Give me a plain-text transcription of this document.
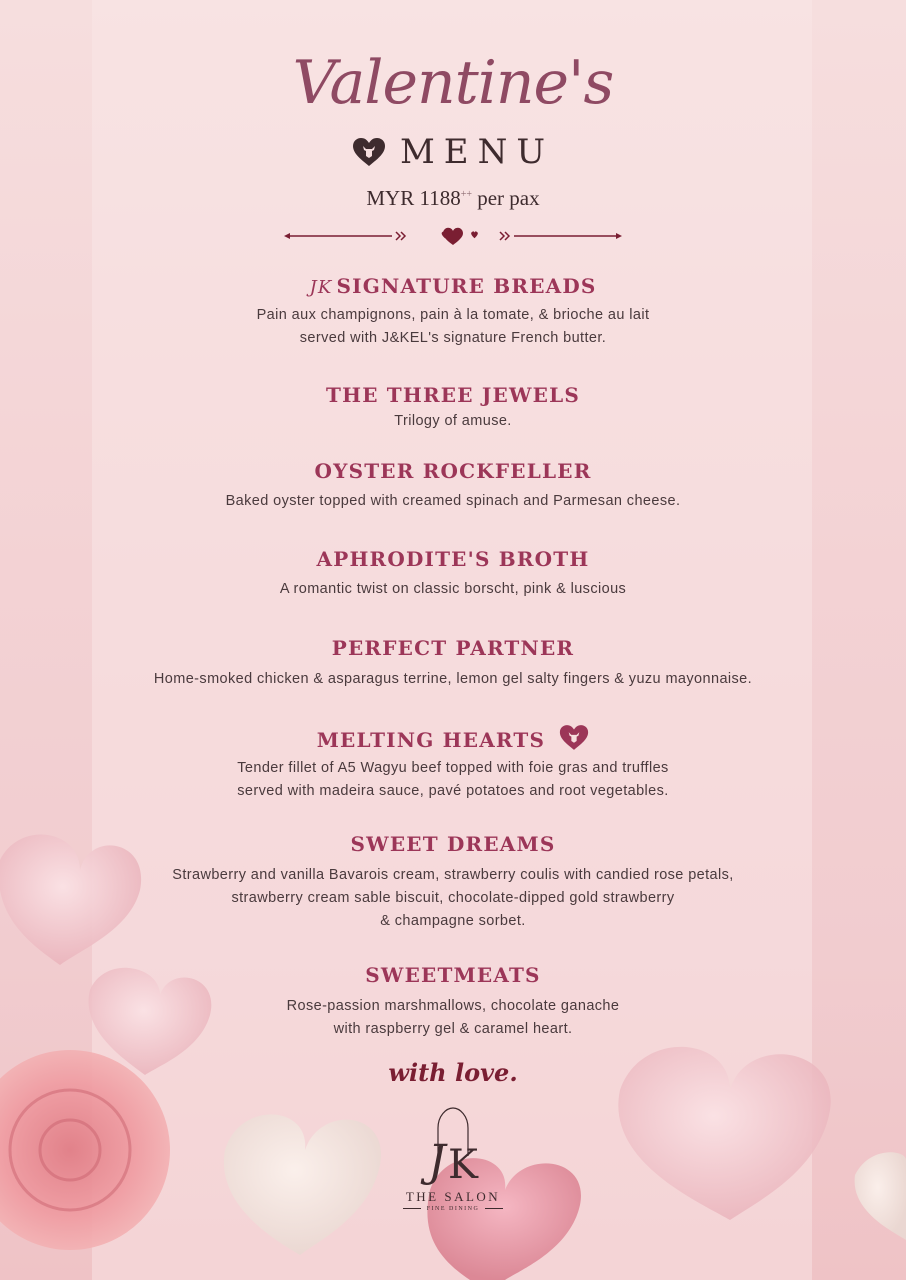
Valentine's
MENU
MYR 1188++ per pax
JK SIGNATURE BREADS
Pain aux champignons, pain à la tomate, & brioche au lait
served with J&KEL's signature French butter.
THE THREE JEWELS
Trilogy of amuse.
OYSTER ROCKFELLER
Baked oyster topped with creamed spinach and Parmesan cheese.
APHRODITE'S BROTH
A romantic twist on classic borscht, pink & luscious
PERFECT PARTNER
Home-smoked chicken & asparagus terrine, lemon gel salty fingers & yuzu mayonnaise.
MELTING HEARTS
Tender fillet of A5 Wagyu beef topped with foie gras and truffles
served with madeira sauce, pavé potatoes and root vegetables.
SWEET DREAMS
Strawberry and vanilla Bavarois cream, strawberry coulis with candied rose petals,
strawberry cream sable biscuit, chocolate-dipped gold strawberry
& champagne sorbet.
SWEETMEATS
Rose-passion marshmallows, chocolate ganache
with raspberry gel & caramel heart.
with love.
J K
THE SALON
FINE DINING
